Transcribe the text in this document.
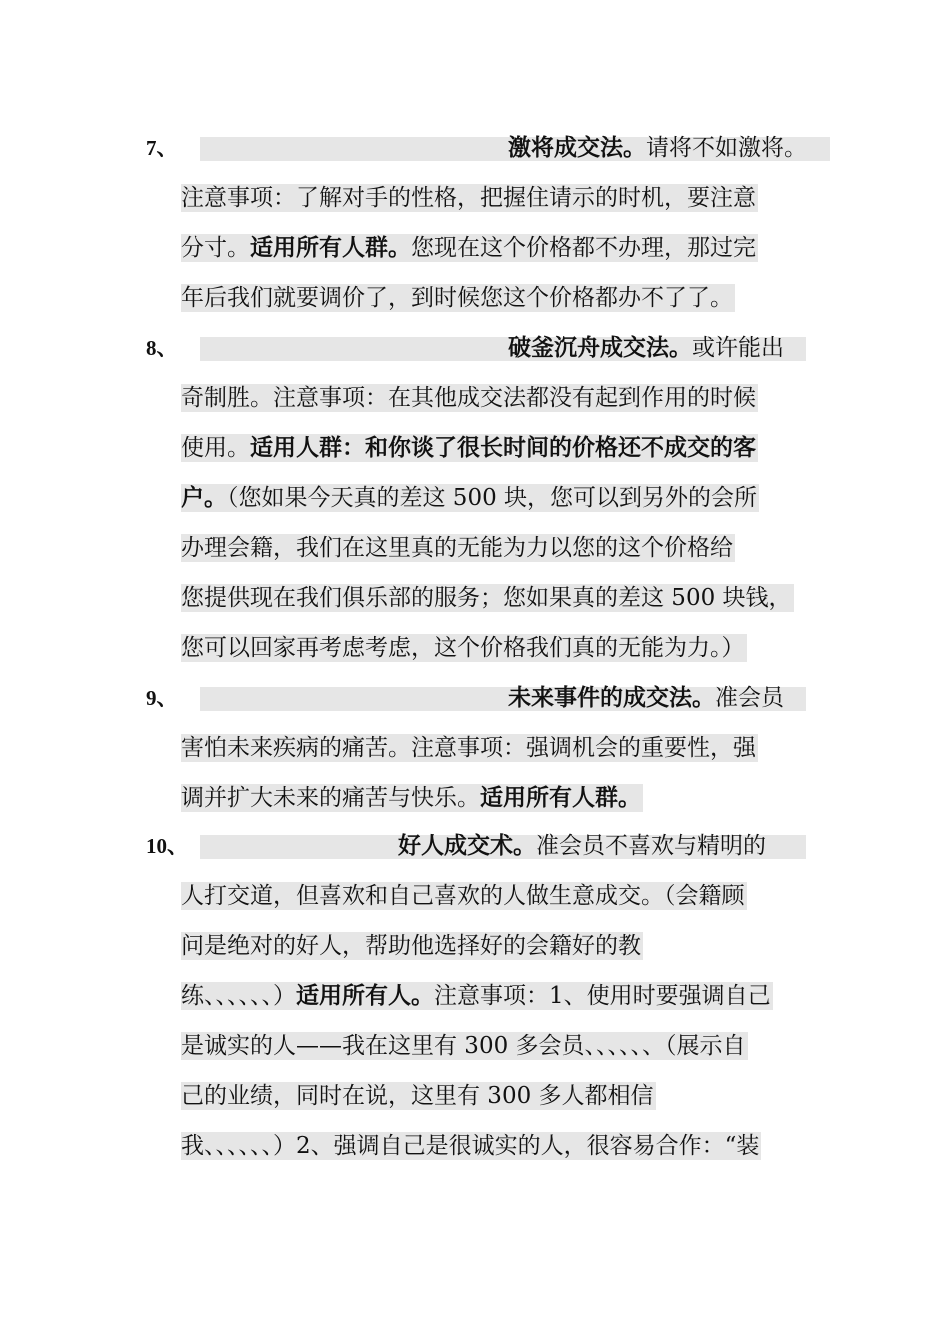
7、	激将成交法。请将不如激将。
注意事项：了解对手的性格，把握住请示的时机，要注意
分寸。适用所有人群。您现在这个价格都不办理，那过完
年后我们就要调价了，到时候您这个价格都办不了了。
8、	破釜沉舟成交法。或许能出
奇制胜。注意事项：在其他成交法都没有起到作用的时候
使用。适用人群：和你谈了很长时间的价格还不成交的客
户。（您如果今天真的差这 500 块，您可以到另外的会所
办理会籍，我们在这里真的无能为力以您的这个价格给
您提供现在我们俱乐部的服务；您如果真的差这 500 块钱，
您可以回家再考虑考虑，这个价格我们真的无能为力。）
9、	未来事件的成交法。准会员
害怕未来疾病的痛苦。注意事项：强调机会的重要性，强
调并扩大未来的痛苦与快乐。适用所有人群。
10、	好人成交术。准会员不喜欢与精明的
人打交道，但喜欢和自己喜欢的人做生意成交。（会籍顾
问是绝对的好人，帮助他选择好的会籍好的教
练、、、、、、）适用所有人。注意事项：1、使用时要强调自己
是诚实的人——我在这里有 300 多会员、、、、、、（展示自
己的业绩，同时在说，这里有 300 多人都相信
我、、、、、、）2、强调自己是很诚实的人，很容易合作：“装
